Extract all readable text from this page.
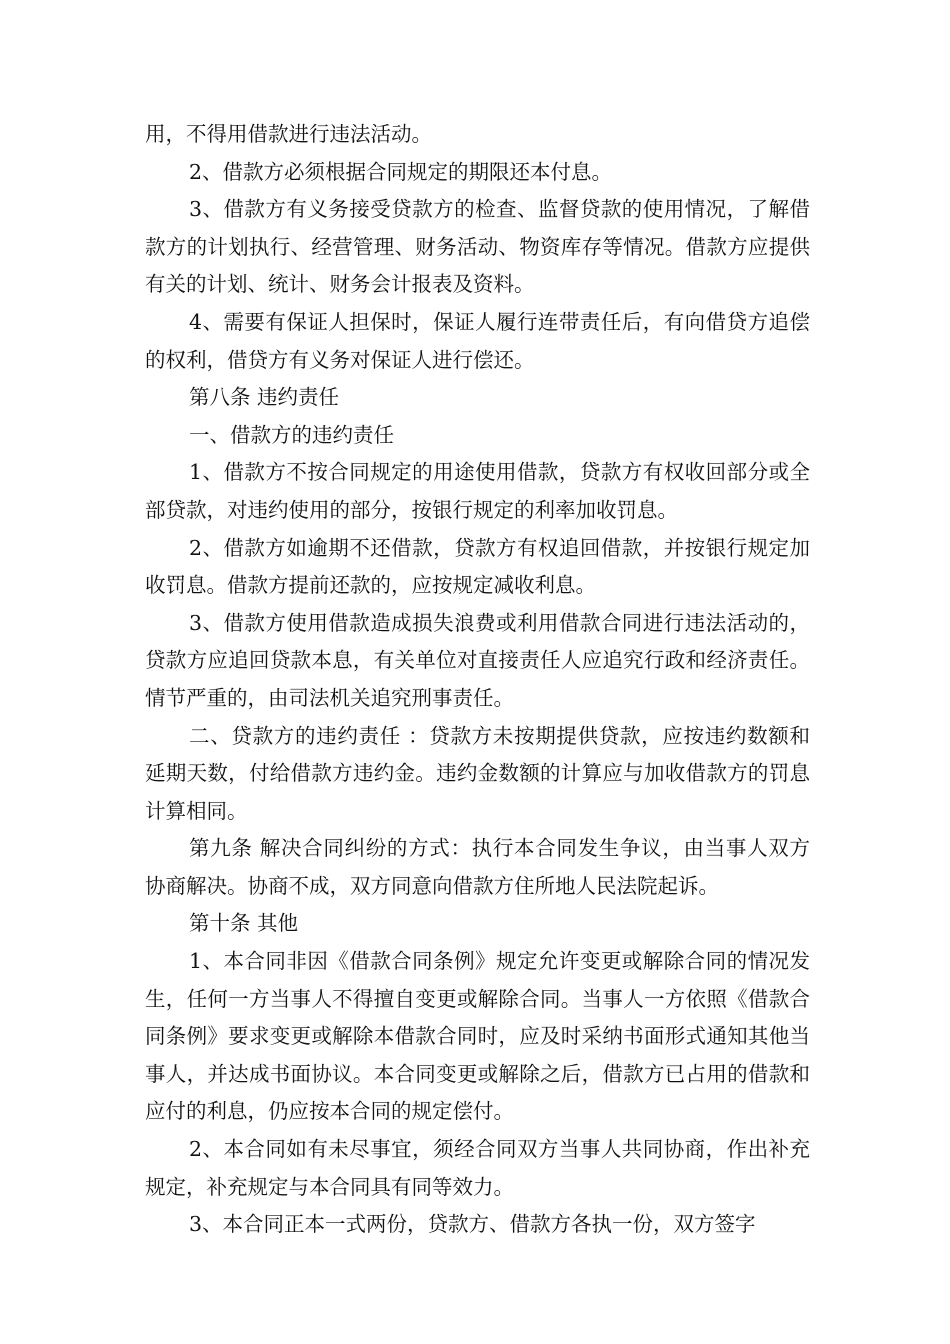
用，不得用借款进行违法活动。

2、借款方必须根据合同规定的期限还本付息。

3、借款方有义务接受贷款方的检查、监督贷款的使用情况，了解借款方的计划执行、经营管理、财务活动、物资库存等情况。借款方应提供有关的计划、统计、财务会计报表及资料。

4、需要有保证人担保时，保证人履行连带责任后，有向借贷方追偿的权利，借贷方有义务对保证人进行偿还。

第八条 违约责任

一、借款方的违约责任

1、借款方不按合同规定的用途使用借款，贷款方有权收回部分或全部贷款，对违约使用的部分，按银行规定的利率加收罚息。

2、借款方如逾期不还借款，贷款方有权追回借款，并按银行规定加收罚息。借款方提前还款的，应按规定减收利息。

3、借款方使用借款造成损失浪费或利用借款合同进行违法活动的，贷款方应追回贷款本息，有关单位对直接责任人应追究行政和经济责任。情节严重的，由司法机关追究刑事责任。

二、贷款方的违约责任 ：贷款方未按期提供贷款，应按违约数额和延期天数，付给借款方违约金。违约金数额的计算应与加收借款方的罚息计算相同。

第九条 解决合同纠纷的方式：执行本合同发生争议，由当事人双方协商解决。协商不成，双方同意向借款方住所地人民法院起诉。

第十条 其他

1、本合同非因《借款合同条例》规定允许变更或解除合同的情况发生，任何一方当事人不得擅自变更或解除合同。当事人一方依照《借款合同条例》要求变更或解除本借款合同时，应及时采纳书面形式通知其他当事人，并达成书面协议。本合同变更或解除之后，借款方已占用的借款和应付的利息，仍应按本合同的规定偿付。

2、本合同如有未尽事宜，须经合同双方当事人共同协商，作出补充规定，补充规定与本合同具有同等效力。

3、本合同正本一式两份，贷款方、借款方各执一份，双方签字
